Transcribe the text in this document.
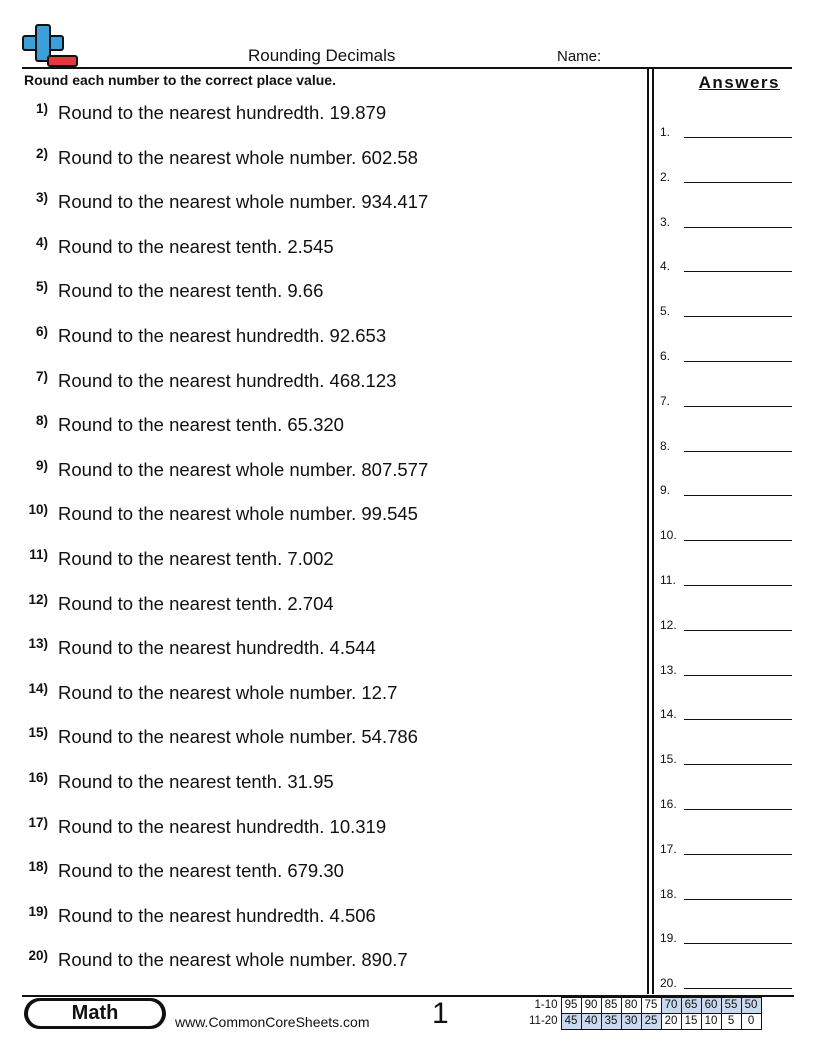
Rounding Decimals	Name:
Round each number to the correct place value.	Answers
1) Round to the nearest hundredth. 19.879
2) Round to the nearest whole number. 602.58
3) Round to the nearest whole number. 934.417
4) Round to the nearest tenth. 2.545
5) Round to the nearest tenth. 9.66
6) Round to the nearest hundredth. 92.653
7) Round to the nearest hundredth. 468.123
8) Round to the nearest tenth. 65.320
9) Round to the nearest whole number. 807.577
10) Round to the nearest whole number. 99.545
11) Round to the nearest tenth. 7.002
12) Round to the nearest tenth. 2.704
13) Round to the nearest hundredth. 4.544
14) Round to the nearest whole number. 12.7
15) Round to the nearest whole number. 54.786
16) Round to the nearest tenth. 31.95
17) Round to the nearest hundredth. 10.319
18) Round to the nearest tenth. 679.30
19) Round to the nearest hundredth. 4.506
20) Round to the nearest whole number. 890.7
1.
2.
3.
4.
5.
6.
7.
8.
9.
10.
11.
12.
13.
14.
15.
16.
17.
18.
19.
20.
Math	www.CommonCoreSheets.com 1	1-10	95	90	85	80	75	70	65	60	55	50
11-20	45	40	35	30	25	20	15	10	5	0
